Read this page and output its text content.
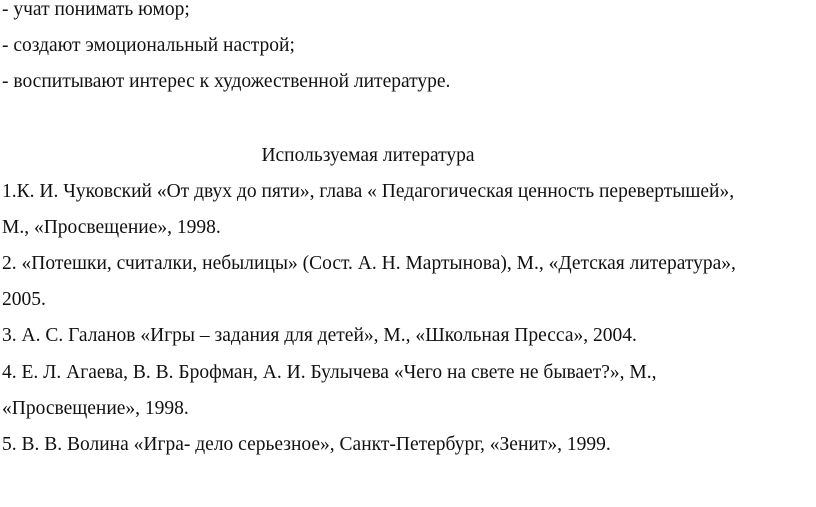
- учат понимать юмор;
- создают эмоциональный настрой;
- воспитывают интерес к художественной литературе.
Используемая литература
1.К. И. Чуковский «От двух до пяти», глава « Педагогическая ценность перевертышей»,
М., «Просвещение», 1998.
2. «Потешки, считалки, небылицы» (Сост. А. Н. Мартынова), М., «Детская литература»,
2005.
3. А. С. Галанов «Игры – задания для детей», М., «Школьная Пресса», 2004.
4. Е. Л. Агаева, В. В. Брофман, А. И. Булычева «Чего на свете не бывает?», М.,
«Просвещение», 1998.
5. В. В. Волина «Игра- дело серьезное», Санкт-Петербург, «Зенит», 1999.
